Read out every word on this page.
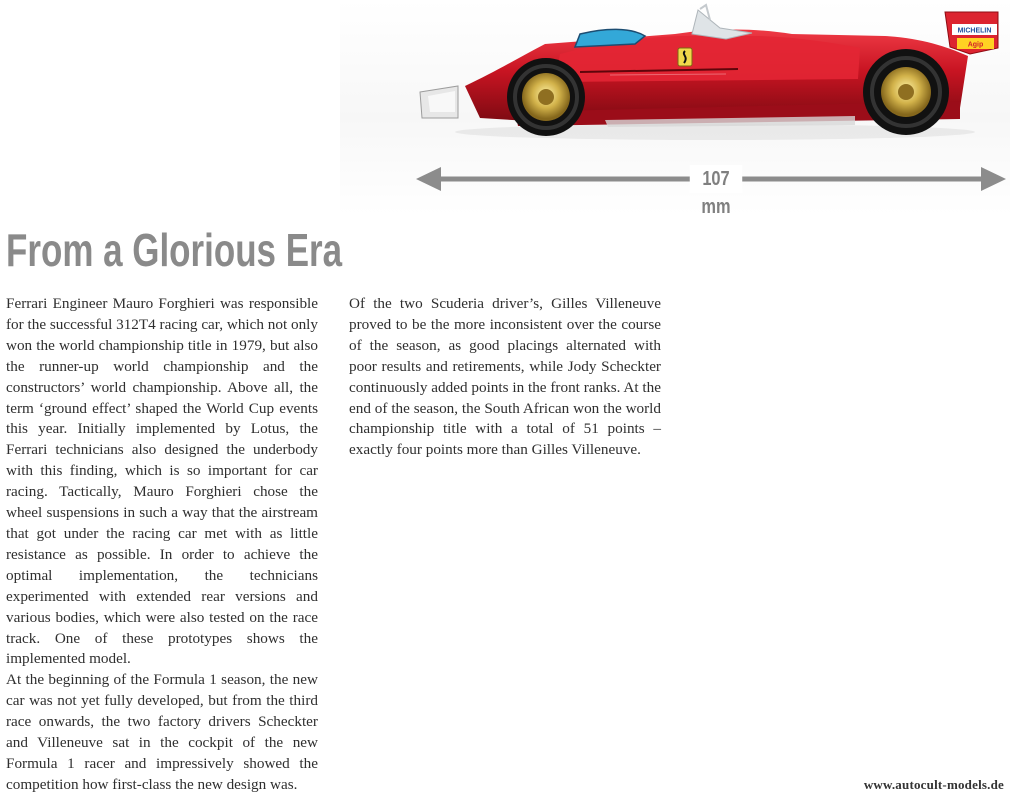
MICHELIN
Agip
107 mm
From a Glorious Era

Ferrari Engineer Mauro Forghieri was responsible for the successful 312T4 racing car, which not only won the world championship title in 1979, but also the runner-up world championship and the constructors’ world championship. Above all, the term ‘ground effect’ shaped the World Cup events this year. Initially implemented by Lotus, the Ferrari technicians also designed the underbody with this finding, which is so important for car racing. Tactically, Mauro Forghieri chose the wheel suspensions in such a way that the airstream that got under the racing car met with as little resistance as possible. In order to achieve the optimal implementation, the technicians experimented with extended rear versions and various bodies, which were also tested on the race track. One of these prototypes shows the implemented model.

At the beginning of the Formula 1 season, the new car was not yet fully developed, but from the third race onwards, the two factory drivers Scheckter and Villeneuve sat in the cockpit of the new Formula 1 racer and impressively showed the competition how first-class the new design was.

Of the two Scuderia driver’s, Gilles Villeneuve proved to be the more inconsistent over the course of the season, as good placings alternated with poor results and retirements, while Jody Scheckter continuously added points in the front ranks. At the end of the season, the South African won the world championship title with a total of 51 points – exactly four points more than Gilles Villeneuve.

www.autocult-models.de
